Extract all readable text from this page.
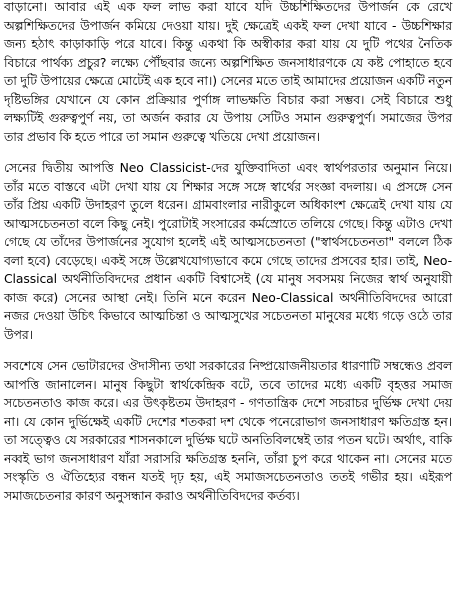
বাড়ানো। আবার এই এক ফল লাভ করা যাবে যদি উচ্চশিক্ষিতদের উপার্জন কে রেখে অল্পশিক্ষিতদের উপার্জন কমিয়ে দেওয়া যায়। দুই ক্ষেত্রেই একই ফল দেখা যাবে - উচ্চশিক্ষার জন্য হঠাৎ কাড়াকাড়ি পরে যাবে। কিন্তু একথা কি অস্বীকার করা যায় যে দুটি পথের নৈতিক বিচারে পার্থক্য প্রচুর? লক্ষ্যে পৌঁছবার জন্যে অল্পশিক্ষিত জনসাধারণকে যে কষ্ট পোহাতে হবে তা দুটি উপায়ের ক্ষেত্রে মোটেই এক হবে না।) সেনের মতে তাই আমাদের প্রয়োজন একটি নতুন দৃষ্টিভঙ্গির যেখানে যে কোন প্রক্রিয়ার পুর্ণাঙ্গ লাভক্ষতি বিচার করা সম্ভব। সেই বিচারে শুধু লক্ষ্যটিই গুরুত্বপুর্ণ নয়, তা অর্জন করার যে উপায় সেটিও সমান গুরুত্বপুর্ণ। সমাজের উপর তার প্রভাব কি হতে পারে তা সমান গুরুত্বে খতিয়ে দেখা প্রয়োজন।

সেনের দ্বিতীয় আপত্তি Neo Classicist-দের যুক্তিবাদিতা এবং স্বার্থপরতার অনুমান নিয়ে। তাঁর মতে বাস্তবে এটা দেখা যায় যে শিক্ষার সঙ্গে সঙ্গে স্বার্থের সংজ্ঞা বদলায়। এ প্রসঙ্গে সেন তাঁর প্রিয় একটি উদাহরণ তুলে ধরেন। গ্রামবাংলার নারীকুলে অধিকাংশ ক্ষেত্রেই দেখা যায় যে আত্মসচেতনতা বলে কিছু নেই। পুরোটাই সংসারের কর্মস্রোতে তলিয়ে গেছে। কিন্তু এটাও দেখা গেছে যে তাঁদের উপার্জনের সুযোগ হলেই এই আত্মসচেতনতা ("স্বার্থসচেতনতা" বললে ঠিক বলা হবে) বেড়েছে। একই সঙ্গে উল্লেখযোগ্যভাবে কমে গেছে তাদের প্রসবের হার। তাই, Neo-Classical অর্থনীতিবিদদের প্রধান একটি বিশ্বাসেই (যে মানুষ সবসময় নিজের স্বার্থ অনুযায়ী কাজ করে) সেনের আস্থা নেই। তিনি মনে করেন Neo-Classical অর্থনীতিবিদদের আরো নজর দেওয়া উচিৎ কিভাবে আত্মচিন্তা ও আত্মসুখের সচেতনতা মানুষের মধ্যে গড়ে ওঠে তার উপর।

সবশেষে সেন ভোটারদের ঔদাসীন্য তথা সরকারের নিষ্প্রয়োজনীয়তার ধারণাটি সম্বন্ধেও প্রবল আপত্তি জানালেন। মানুষ কিছুটা স্বার্থকেন্দ্রিক বটে, তবে তাদের মধ্যে একটি বৃহত্তর সমাজ সচেতনতাও কাজ করে। এর উৎকৃষ্টতম উদাহরণ - গণতান্ত্রিক দেশে সচরাচর দুর্ভিক্ষ দেখা দেয় না। যে কোন দুর্ভিক্ষেই একটি দেশের শতকরা দশ থেকে পনেরোভাগ জনসাধারণ ক্ষতিগ্রস্ত হন। তা সত্ত্বেও যে সরকারের শাসনকালে দুর্ভিক্ষ ঘটে অনতিবিলম্বেই তার পতন ঘটে। অর্থাৎ, বাকি নব্বই ভাগ জনসাধারণ যাঁরা সরাসরি ক্ষতিগ্রস্ত হননি, তাঁরা চুপ করে থাকেন না। সেনের মতে সংস্কৃতি ও ঐতিহ্যের বন্ধন যতই দৃঢ় হয়, এই সমাজসচেতনতাও ততই গভীর হয়। এইরূপ সমাজচেতনার কারণ অনুসন্ধান করাও অর্থনীতিবিদদের কর্তব্য।
